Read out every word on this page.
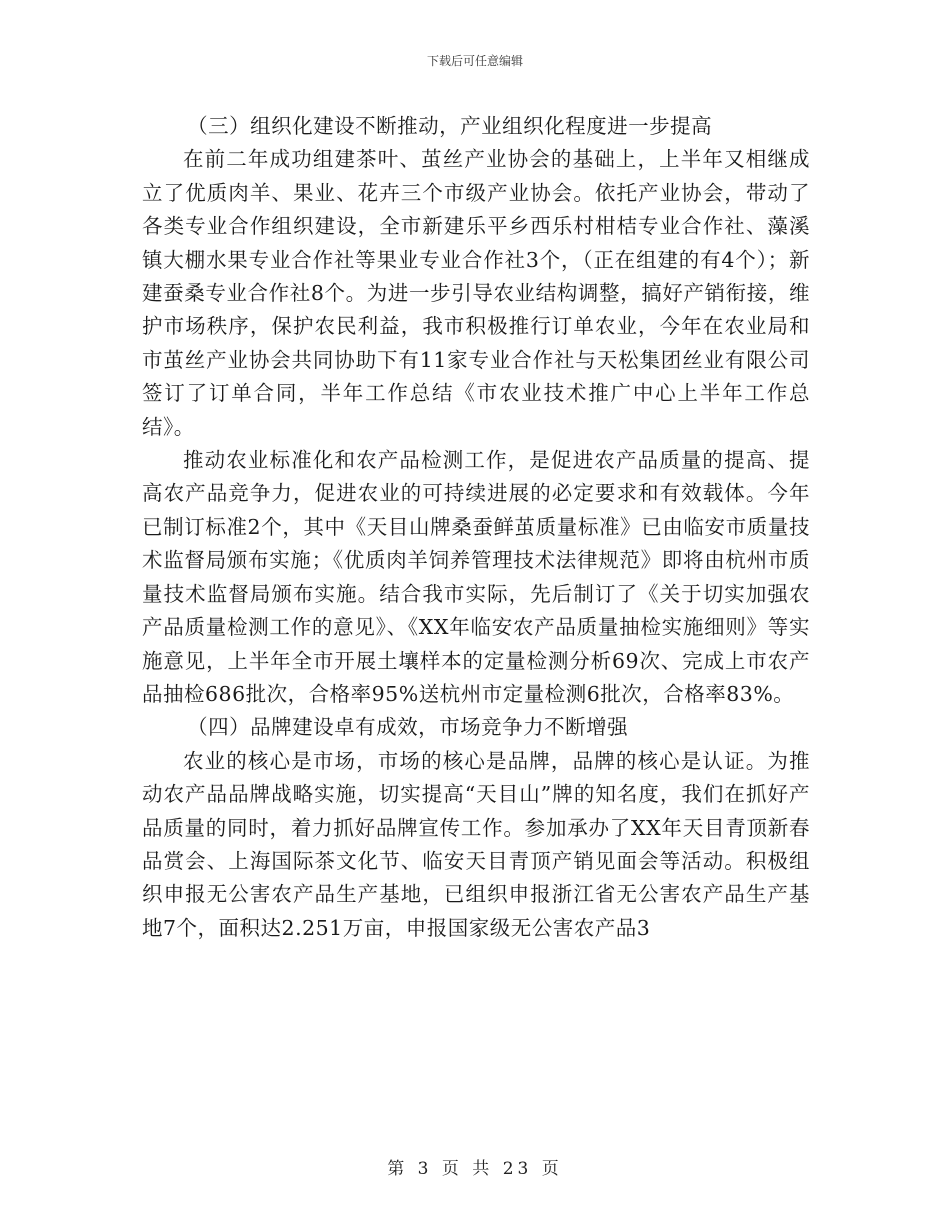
下载后可任意编辑

（三）组织化建设不断推动，产业组织化程度进一步提高

在前二年成功组建茶叶、茧丝产业协会的基础上，上半年又相继成立了优质肉羊、果业、花卉三个市级产业协会。依托产业协会，带动了各类专业合作组织建设，全市新建乐平乡西乐村柑桔专业合作社、藻溪镇大棚水果专业合作社等果业专业合作社3个，（正在组建的有4个）；新建蚕桑专业合作社8个。为进一步引导农业结构调整，搞好产销衔接，维护市场秩序，保护农民利益，我市积极推行订单农业，今年在农业局和市茧丝产业协会共同协助下有11家专业合作社与天松集团丝业有限公司签订了订单合同，半年工作总结《市农业技术推广中心上半年工作总结》。

推动农业标准化和农产品检测工作，是促进农产品质量的提高、提高农产品竞争力，促进农业的可持续进展的必定要求和有效载体。今年已制订标准2个，其中《天目山牌桑蚕鲜茧质量标准》已由临安市质量技术监督局颁布实施；《优质肉羊饲养管理技术法律规范》即将由杭州市质量技术监督局颁布实施。结合我市实际，先后制订了《关于切实加强农产品质量检测工作的意见》、《XX年临安农产品质量抽检实施细则》等实施意见，上半年全市开展土壤样本的定量检测分析69次、完成上市农产品抽检686批次，合格率95%送杭州市定量检测6批次，合格率83%。

（四）品牌建设卓有成效，市场竞争力不断增强

农业的核心是市场，市场的核心是品牌，品牌的核心是认证。为推动农产品品牌战略实施，切实提高“天目山”牌的知名度，我们在抓好产品质量的同时，着力抓好品牌宣传工作。参加承办了XX年天目青顶新春品赏会、上海国际茶文化节、临安天目青顶产销见面会等活动。积极组织申报无公害农产品生产基地，已组织申报浙江省无公害农产品生产基地7个，面积达2.251万亩，申报国家级无公害农产品3

第 3 页 共 23 页
